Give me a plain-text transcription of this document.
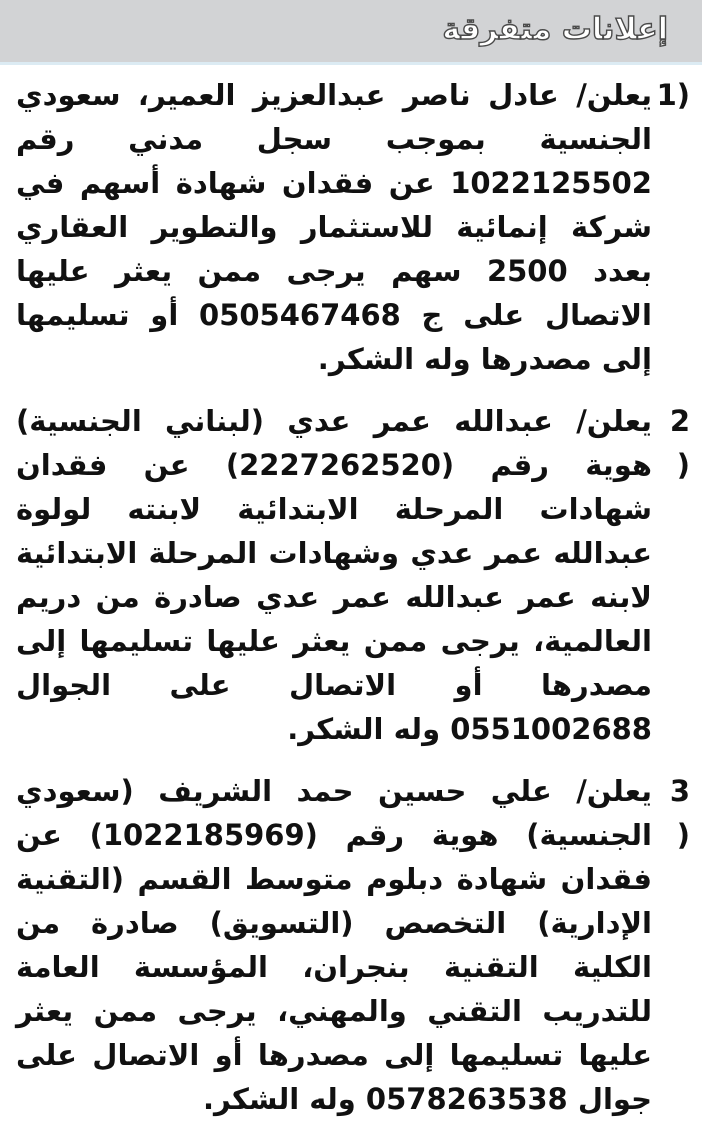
إعلانات متفرقة
1)
يعلن/ عادل ناصر عبدالعزيز العمير، سعودي الجنسية بموجب سجل مدني رقم 1022125502 عن فقدان شهادة أسهم في شركة إنمائية للاستثمار والتطوير العقاري بعدد 2500 سهم يرجى ممن يعثر عليها الاتصال على ج 0505467468 أو تسليمها إلى مصدرها وله الشكر.
2 )
يعلن/ عبدالله عمر عدي (لبناني الجنسية) هوية رقم (2227262520) عن فقدان شهادات المرحلة الابتدائية لابنته لولوة عبدالله عمر عدي وشهادات المرحلة الابتدائية لابنه عمر عبدالله عمر عدي صادرة من دريم العالمية، يرجى ممن يعثر عليها تسليمها إلى مصدرها أو الاتصال على الجوال 0551002688 وله الشكر.
3 )
يعلن/ علي حسين حمد الشريف (سعودي الجنسية) هوية رقم (1022185969) عن فقدان شهادة دبلوم متوسط القسم (التقنية الإدارية) التخصص (التسويق) صادرة من الكلية التقنية بنجران، المؤسسة العامة للتدريب التقني والمهني، يرجى ممن يعثر عليها تسليمها إلى مصدرها أو الاتصال على جوال 0578263538 وله الشكر.
